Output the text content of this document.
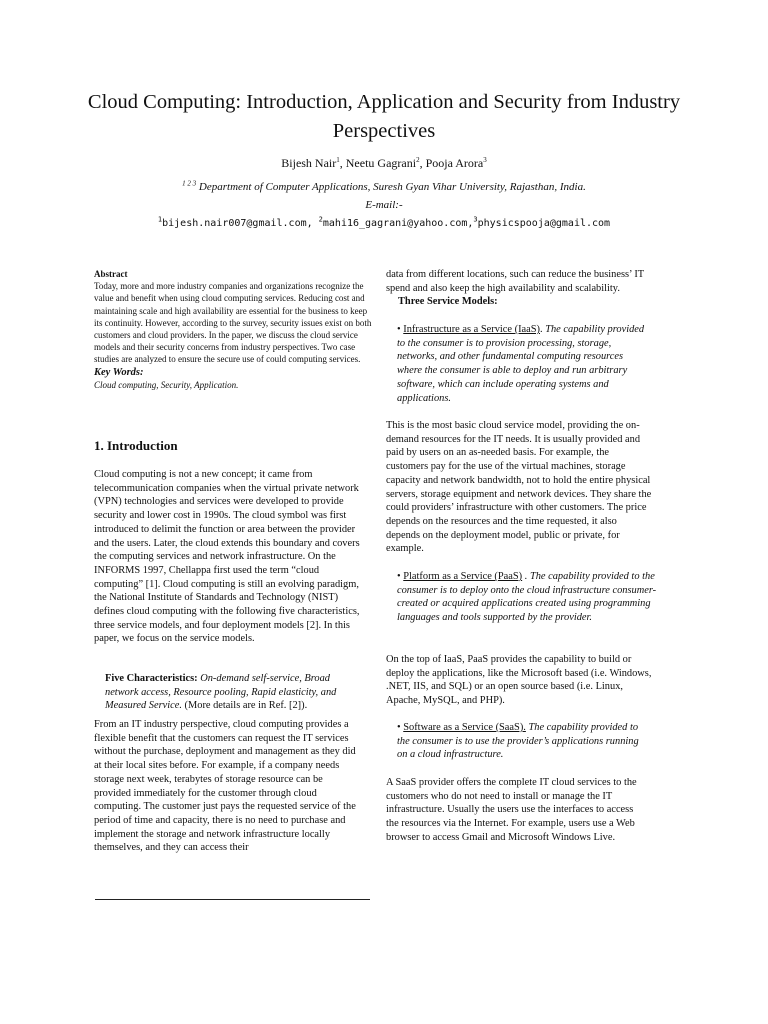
Cloud Computing: Introduction, Application and Security from Industry Perspectives
Bijesh Nair$^1$, Neetu Gagrani$^2$, Pooja Arora$^3$
$^{1 2 3}$ Department of Computer Applications, Suresh Gyan Vihar University, Rajasthan, India.
E-mail:-
$^1$bijesh.nair007@gmail.com, $^2$mahi16_gagrani@yahoo.com,$^3$physicspooja@gmail.com
Abstract
Today, more and more industry companies and organizations recognize the value and benefit when using cloud computing services. Reducing cost and maintaining scale and high availability are essential for the business to keep its continuity. However, according to the survey, security issues exist on both customers and cloud providers. In the paper, we discuss the cloud service models and their security concerns from industry perspectives. Two case studies are analyzed to ensure the secure use of could computing services.
Key Words:
Cloud computing, Security, Application.
1. Introduction
Cloud computing is not a new concept; it came from telecommunication companies when the virtual private network (VPN) technologies and services were developed to provide security and lower cost in 1990s. The cloud symbol was first introduced to delimit the function or area between the provider and the users. Later, the cloud extends this boundary and covers the computing services and network infrastructure. On the INFORMS 1997, Chellappa first used the term “cloud computing” [1]. Cloud computing is still an evolving paradigm, the National Institute of Standards and Technology (NIST) defines cloud computing with the following five characteristics, three service models, and four deployment models [2]. In this paper, we focus on the service models.
Five Characteristics: On-demand self-service, Broad network access, Resource pooling, Rapid elasticity, and Measured Service. (More details are in Ref. [2]).
From an IT industry perspective, cloud computing provides a flexible benefit that the customers can request the IT services without the purchase, deployment and management as they did at their local sites before. For example, if a company needs storage next week, terabytes of storage resource can be provided immediately for the customer through cloud computing. The customer just pays the requested service of the period of time and capacity, there is no need to purchase and implement the storage and network infrastructure locally themselves, and they can access their
data from different locations, such can reduce the business’ IT spend and also keep the high availability and scalability.
Three Service Models:
• Infrastructure as a Service (IaaS). The capability provided to the consumer is to provision processing, storage, networks, and other fundamental computing resources where the consumer is able to deploy and run arbitrary software, which can include operating systems and applications.
This is the most basic cloud service model, providing the on-demand resources for the IT needs. It is usually provided and paid by users on an as-needed basis. For example, the customers pay for the use of the virtual machines, storage capacity and network bandwidth, not to hold the entire physical servers, storage equipment and network devices. They share the could providers’ infrastructure with other customers. The price depends on the resources and the time requested, it also depends on the deployment model, public or private, for example.
• Platform as a Service (PaaS) . The capability provided to the consumer is to deploy onto the cloud infrastructure consumer-created or acquired applications created using programming languages and tools supported by the provider.
On the top of IaaS, PaaS provides the capability to build or deploy the applications, like the Microsoft based (i.e. Windows, .NET, IIS, and SQL) or an open source based (i.e. Linux, Apache, MySQL, and PHP).
• Software as a Service (SaaS). The capability provided to the consumer is to use the provider’s applications running on a cloud infrastructure.
A SaaS provider offers the complete IT cloud services to the customers who do not need to install or manage the IT infrastructure. Usually the users use the interfaces to access the resources via the Internet. For example, users use a Web browser to access Gmail and Microsoft Windows Live.
